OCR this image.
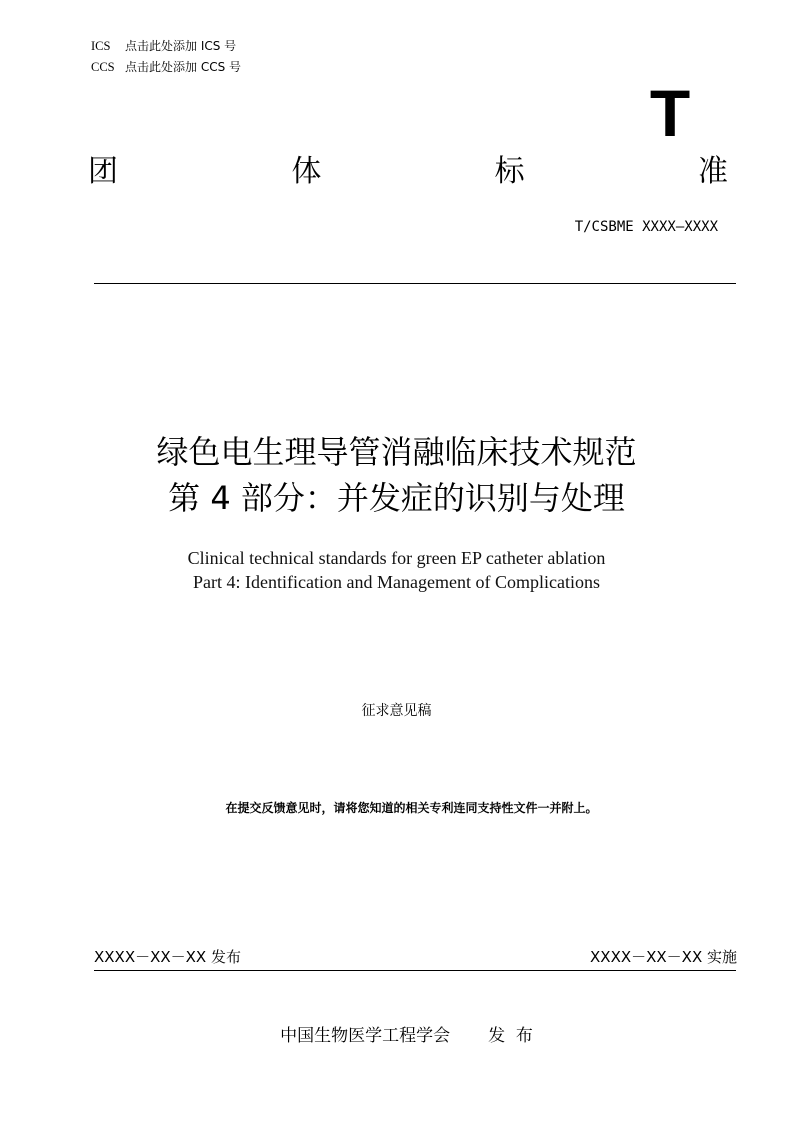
ICS 点击此处添加 ICS 号
CCS 点击此处添加 CCS 号
T
团	体	标	准
T/CSBME XXXX—XXXX
绿色电生理导管消融临床技术规范
第 4 部分：并发症的识别与处理
Clinical technical standards for green EP catheter ablation
Part 4: Identification and Management of Complications
征求意见稿
在提交反馈意见时，请将您知道的相关专利连同支持性文件一并附上。
XXXX－XX－XX 发布	XXXX－XX－XX 实施
中国生物医学工程学会 发  布
